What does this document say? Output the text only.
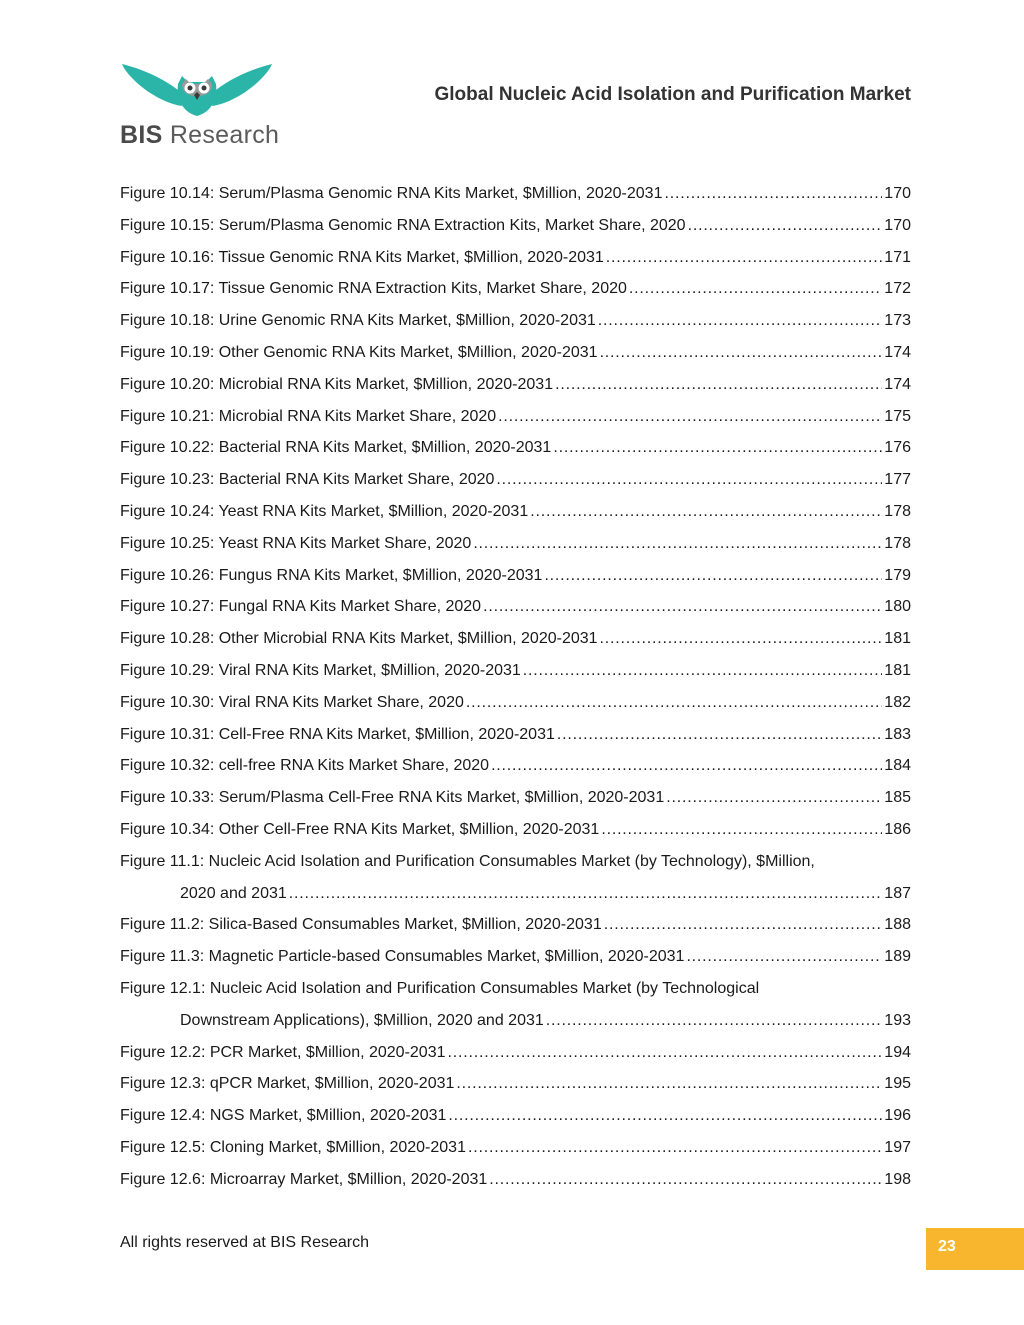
BIS Research
Global Nucleic Acid Isolation and Purification Market
Figure 10.14: Serum/Plasma Genomic RNA Kits Market, $Million, 2020-2031 .....	170
Figure 10.15: Serum/Plasma Genomic RNA Extraction Kits, Market Share, 2020 .....	170
Figure 10.16: Tissue Genomic RNA Kits Market, $Million, 2020-2031 .....	171
Figure 10.17: Tissue Genomic RNA Extraction Kits, Market Share, 2020 .....	172
Figure 10.18: Urine Genomic RNA Kits Market, $Million, 2020-2031 .....	173
Figure 10.19: Other Genomic RNA Kits Market, $Million, 2020-2031 .....	174
Figure 10.20: Microbial RNA Kits Market, $Million, 2020-2031 .....	174
Figure 10.21: Microbial RNA Kits Market Share, 2020 .....	175
Figure 10.22: Bacterial RNA Kits Market, $Million, 2020-2031 .....	176
Figure 10.23: Bacterial RNA Kits Market Share, 2020 .....	177
Figure 10.24: Yeast RNA Kits Market, $Million, 2020-2031 .....	178
Figure 10.25: Yeast RNA Kits Market Share, 2020 .....	178
Figure 10.26: Fungus RNA Kits Market, $Million, 2020-2031 .....	179
Figure 10.27: Fungal RNA Kits Market Share, 2020 .....	180
Figure 10.28: Other Microbial RNA Kits Market, $Million, 2020-2031 .....	181
Figure 10.29: Viral RNA Kits Market, $Million, 2020-2031 .....	181
Figure 10.30: Viral RNA Kits Market Share, 2020 .....	182
Figure 10.31: Cell-Free RNA Kits Market, $Million, 2020-2031 .....	183
Figure 10.32: cell-free RNA Kits Market Share, 2020 .....	184
Figure 10.33: Serum/Plasma Cell-Free RNA Kits Market, $Million, 2020-2031 .....	185
Figure 10.34: Other Cell-Free RNA Kits Market, $Million, 2020-2031 .....	186
Figure 11.1: Nucleic Acid Isolation and Purification Consumables Market (by Technology), $Million,
2020 and 2031 .....	187
Figure 11.2: Silica-Based Consumables Market, $Million, 2020-2031 .....	188
Figure 11.3: Magnetic Particle-based Consumables Market, $Million, 2020-2031 .....	189
Figure 12.1: Nucleic Acid Isolation and Purification Consumables Market (by Technological
Downstream Applications), $Million, 2020 and 2031 .....	193
Figure 12.2: PCR Market, $Million, 2020-2031 .....	194
Figure 12.3: qPCR Market, $Million, 2020-2031 .....	195
Figure 12.4: NGS Market, $Million, 2020-2031 .....	196
Figure 12.5: Cloning Market, $Million, 2020-2031 .....	197
Figure 12.6: Microarray Market, $Million, 2020-2031 .....	198
All rights reserved at BIS Research	23
